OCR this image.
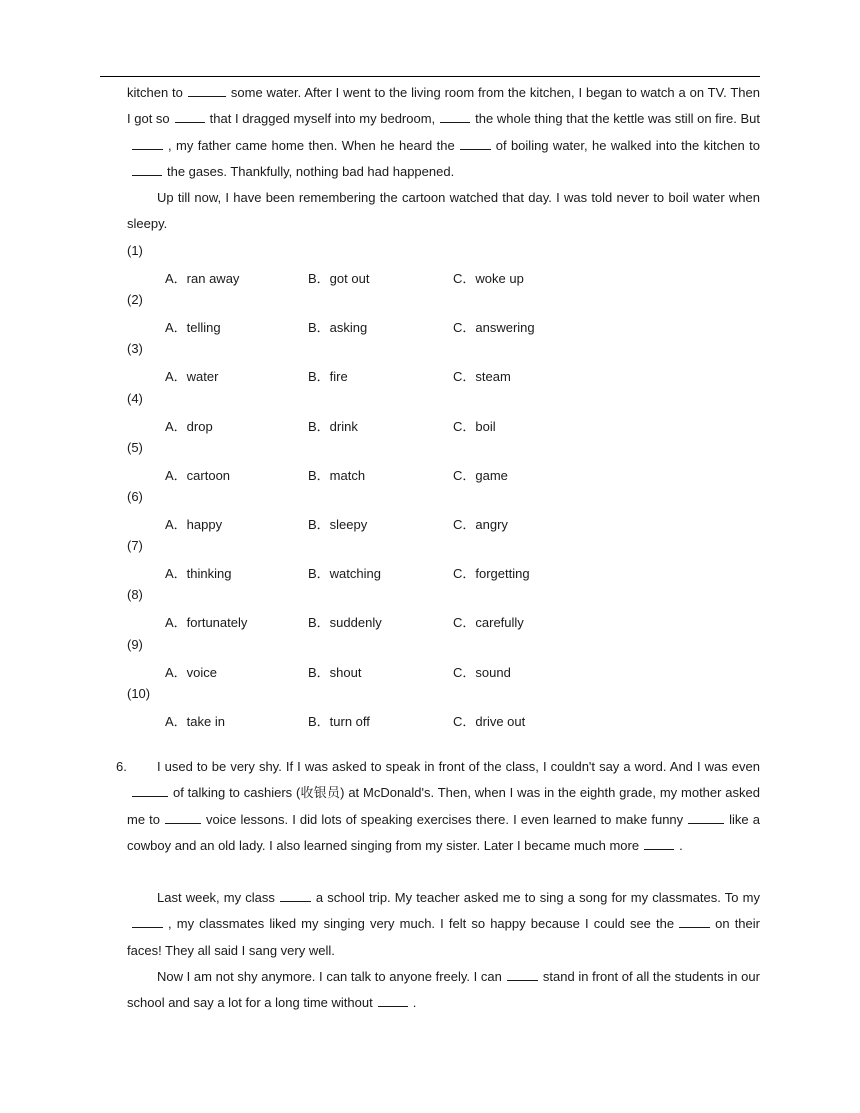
kitchen to	some water. After I went to the living room from the kitchen, I began to watch a on TV. Then I got so	that I dragged myself into my bedroom,	the whole thing that the kettle was still on fire. But, my father came home then. When he heard the	of boiling water, he walked into the kitchen tothe gases. Thankfully, nothing bad had happened.
Up till now, I have been remembering the cartoon watched that day. I was told never to boil water when sleepy.
(1)
A．ran away	B．got out	C．woke up
(2)
A．telling	B．asking	C．answering
(3)
A．water	B．fire	C．steam
(4)
A．drop	B．drink	C．boil
(5)
A．cartoon	B．match	C．game
(6)
A．happy	B．sleepy	C．angry
(7)
A．thinking	B．watching	C．forgetting
(8)
A．fortunately	B．suddenly	C．carefully
(9)
A．voice	B．shout	C．sound
(10)
A．take in	B．turn off	C．drive out
6.	I used to be very shy. If I was asked to speak in front of the class, I couldn't say a word. And I was evenof talking to cashiers (收银员) at McDonald's. Then, when I was in the eighth grade, my mother asked me to	voice lessons. I did lots of speaking exercises there. I even learned to make funny	like a cowboy and an old lady. I also learned singing from my sister. Later I became much more	.
Last week, my class	a school trip. My teacher asked me to sing a song for my classmates. To my, my classmates liked my singing very much. I felt so happy because I could see the	on their faces! They all said I sang very well.
Now I am not shy anymore. I can talk to anyone freely. I can	stand in front of all the students in our school and say a lot for a long time without	.
